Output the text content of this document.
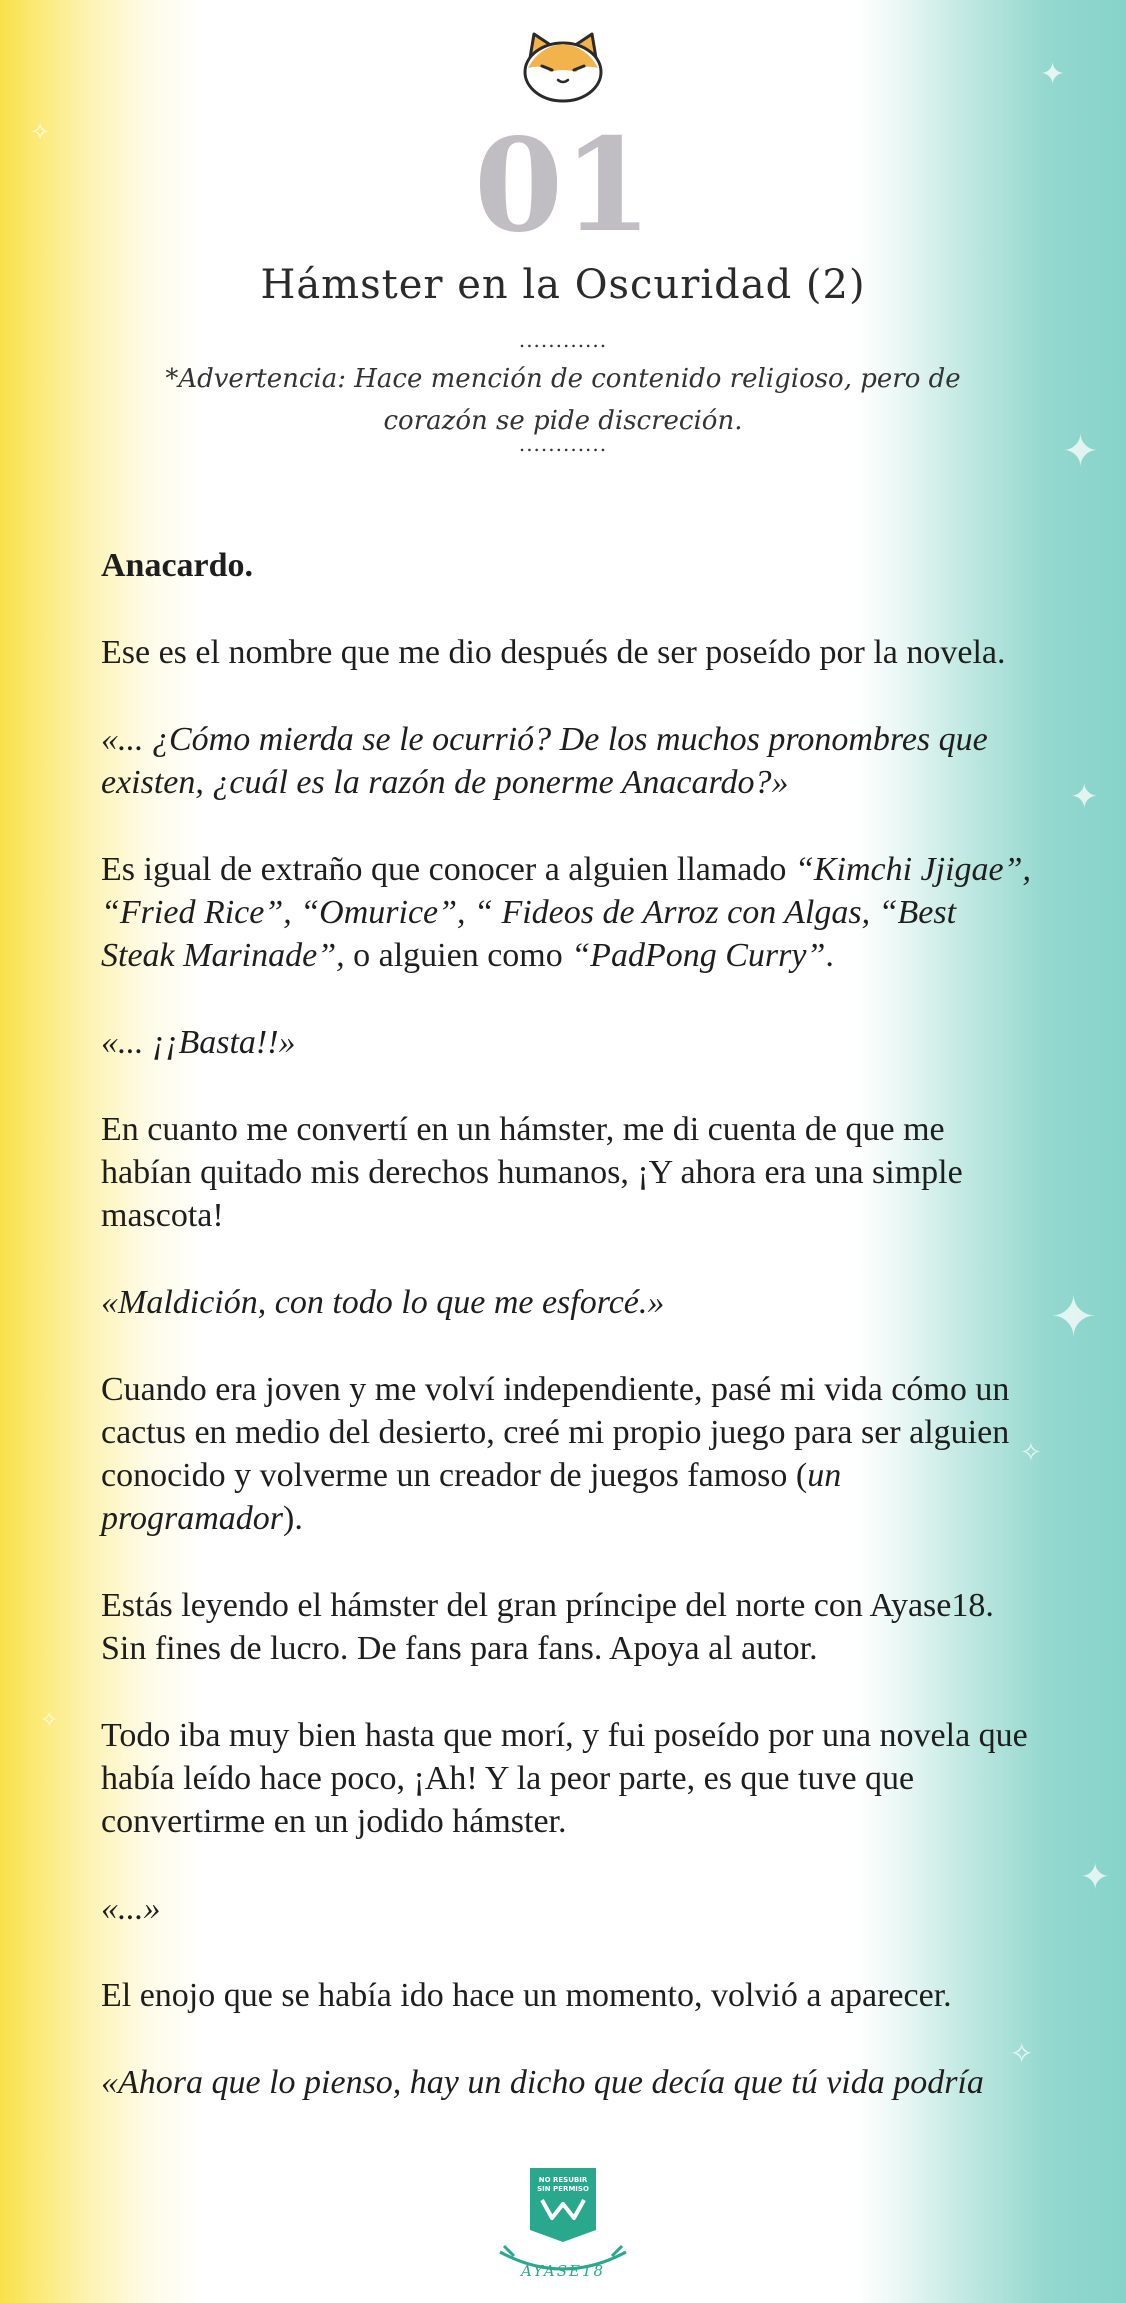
✦
✦
✦
✦
✧
✦
✧
✧
✧
01
Hámster en la Oscuridad (2)
............
*Advertencia: Hace mención de contenido religioso, pero de corazón se pide discreción.
............

Anacardo.

Ese es el nombre que me dio después de ser poseído por la novela.

«... ¿Cómo mierda se le ocurrió? De los muchos pronombres que existen, ¿cuál es la razón de ponerme Anacardo?»

Es igual de extraño que conocer a alguien llamado “Kimchi Jjigae”, “Fried Rice”, “Omurice”, “ Fideos de Arroz con Algas, “Best Steak Marinade”, o alguien como “PadPong Curry”.

«... ¡¡Basta!!»

En cuanto me convertí en un hámster, me di cuenta de que me habían quitado mis derechos humanos, ¡Y ahora era una simple mascota!

«Maldición, con todo lo que me esforcé.»

Cuando era joven y me volví independiente, pasé mi vida cómo un cactus en medio del desierto, creé mi propio juego para ser alguien conocido y volverme un creador de juegos famoso (un programador).

Estás leyendo el hámster del gran príncipe del norte con Ayase18. Sin fines de lucro. De fans para fans. Apoya al autor.

Todo iba muy bien hasta que morí, y fui poseído por una novela que había leído hace poco, ¡Ah! Y la peor parte, es que tuve que convertirme en un jodido hámster.

«...»

El enojo que se había ido hace un momento, volvió a aparecer.

«Ahora que lo pienso, hay un dicho que decía que tú vida podría

NO RESUBIR
SIN PERMISO
AYASE18
